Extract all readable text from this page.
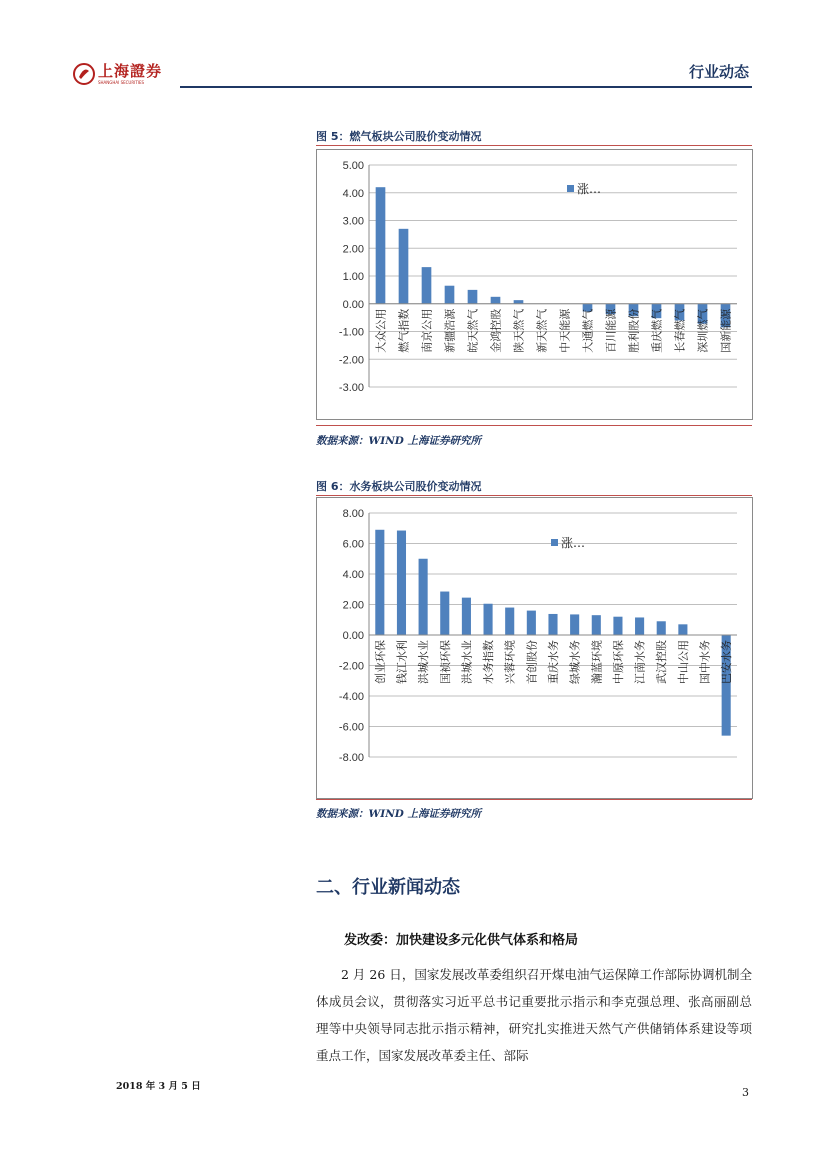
上海證券
SHANGHAI SECURITIES
行业动态
图 5：燃气板块公司股价变动情况
5.00
4.00
3.00
2.00
1.00
0.00
-1.00
-2.00
-3.00
大众公用 燃气指数 南京公用 新疆浩源 皖天然气 金鸿控股 陕天然气 新天然气 中天能源 大通燃气 百川能源 胜利股份 重庆燃气 长春燃气 深圳燃气 国新能源
涨…
数据来源：WIND 上海证券研究所
图 6：水务板块公司股价变动情况
8.00
6.00
4.00
2.00
0.00
-2.00
-4.00
-6.00
-8.00
创业环保 钱江水利 洪城水业 国祯环保 洪城水业 水务指数 兴蓉环境 首创股份 重庆水务 绿城水务 瀚蓝环境 中原环保 江南水务 武汉控股 中山公用 国中水务 巴安水务
涨…
数据来源：WIND 上海证券研究所
二、行业新闻动态
发改委：加快建设多元化供气体系和格局
2 月 26 日，国家发展改革委组织召开煤电油气运保障工作部际协调机制全体成员会议，贯彻落实习近平总书记重要批示指示和李克强总理、张高丽副总理等中央领导同志批示指示精神，研究扎实推进天然气产供储销体系建设等项重点工作，国家发展改革委主任、部际
2018 年 3 月 5 日	3
